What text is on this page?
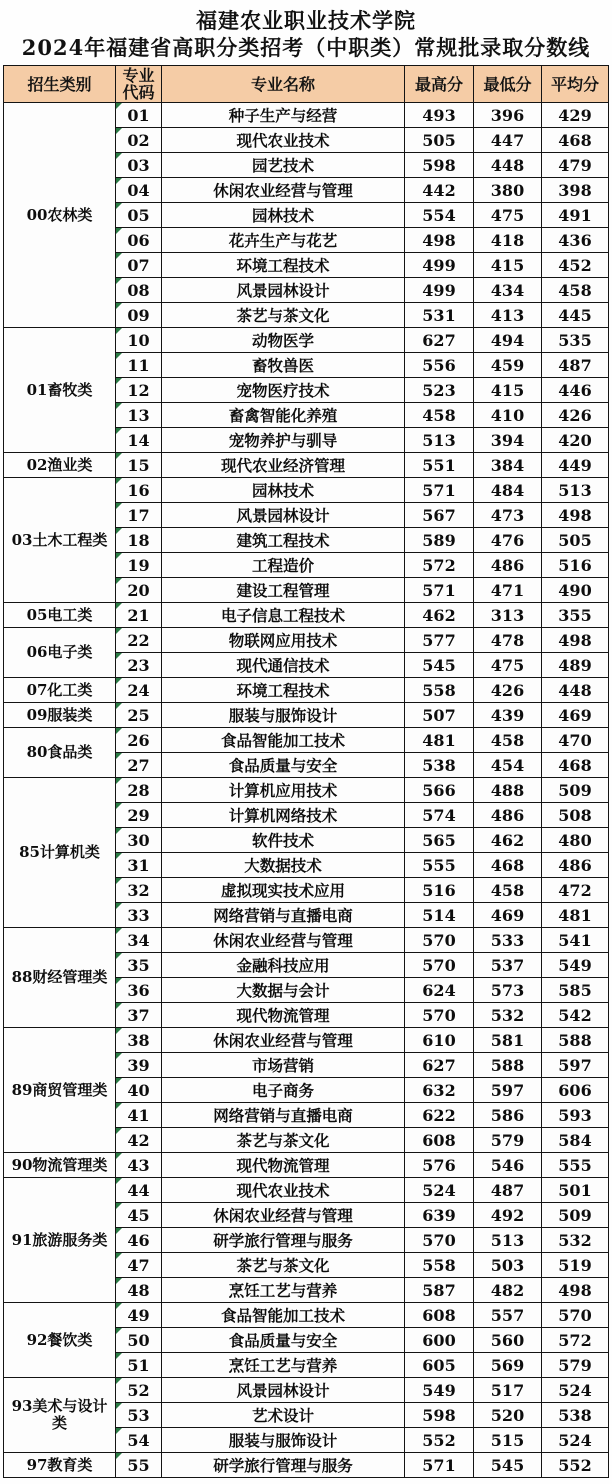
福建农业职业技术学院
2024年福建省高职分类招考（中职类）常规批录取分数线
招生类别	专业代码	专业名称	最高分	最低分	平均分
00农林类	01	种子生产与经营	493	396	429
	02	现代农业技术	505	447	468
	03	园艺技术	598	448	479
	04	休闲农业经营与管理	442	380	398
	05	园林技术	554	475	491
	06	花卉生产与花艺	498	418	436
	07	环境工程技术	499	415	452
	08	风景园林设计	499	434	458
	09	茶艺与茶文化	531	413	445
01畜牧类	10	动物医学	627	494	535
	11	畜牧兽医	556	459	487
	12	宠物医疗技术	523	415	446
	13	畜禽智能化养殖	458	410	426
	14	宠物养护与驯导	513	394	420
02渔业类	15	现代农业经济管理	551	384	449
03土木工程类	16	园林技术	571	484	513
	17	风景园林设计	567	473	498
	18	建筑工程技术	589	476	505
	19	工程造价	572	486	516
	20	建设工程管理	571	471	490
05电工类	21	电子信息工程技术	462	313	355
06电子类	22	物联网应用技术	577	478	498
	23	现代通信技术	545	475	489
07化工类	24	环境工程技术	558	426	448
09服装类	25	服装与服饰设计	507	439	469
80食品类	26	食品智能加工技术	481	458	470
	27	食品质量与安全	538	454	468
85计算机类	28	计算机应用技术	566	488	509
	29	计算机网络技术	574	486	508
	30	软件技术	565	462	480
	31	大数据技术	555	468	486
	32	虚拟现实技术应用	516	458	472
	33	网络营销与直播电商	514	469	481
88财经管理类	34	休闲农业经营与管理	570	533	541
	35	金融科技应用	570	537	549
	36	大数据与会计	624	573	585
	37	现代物流管理	570	532	542
89商贸管理类	38	休闲农业经营与管理	610	581	588
	39	市场营销	627	588	597
	40	电子商务	632	597	606
	41	网络营销与直播电商	622	586	593
	42	茶艺与茶文化	608	579	584
90物流管理类	43	现代物流管理	576	546	555
91旅游服务类	44	现代农业技术	524	487	501
	45	休闲农业经营与管理	639	492	509
	46	研学旅行管理与服务	570	513	532
	47	茶艺与茶文化	558	503	519
	48	烹饪工艺与营养	587	482	498
92餐饮类	49	食品智能加工技术	608	557	570
	50	食品质量与安全	600	560	572
	51	烹饪工艺与营养	605	569	579
93美术与设计类	52	风景园林设计	549	517	524
	53	艺术设计	598	520	538
	54	服装与服饰设计	552	515	524
97教育类	55	研学旅行管理与服务	571	545	552
